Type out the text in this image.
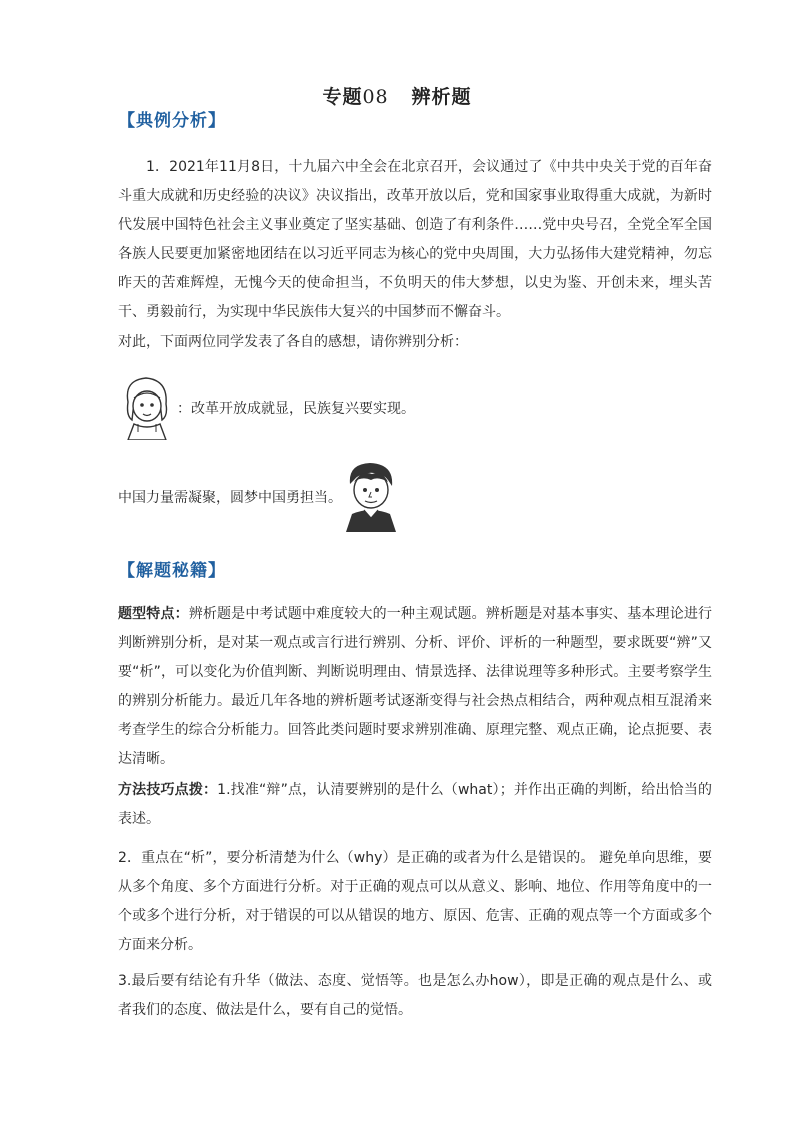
专题08 辨析题
【典例分析】
1．2021年11月8日，十九届六中全会在北京召开，会议通过了《中共中央关于党的百年奋斗重大成就和历史经验的决议》决议指出，改革开放以后，党和国家事业取得重大成就，为新时代发展中国特色社会主义事业奠定了坚实基础、创造了有利条件……党中央号召，全党全军全国各族人民要更加紧密地团结在以习近平同志为核心的党中央周围，大力弘扬伟大建党精神，勿忘昨天的苦难辉煌，无愧今天的使命担当，不负明天的伟大梦想，以史为鉴、开创未来，埋头苦干、勇毅前行，为实现中华民族伟大复兴的中国梦而不懈奋斗。
对此，下面两位同学发表了各自的感想，请你辨别分析：
：改革开放成就显，民族复兴要实现。
中国力量需凝聚，圆梦中国勇担当。
【解题秘籍】
题型特点：辨析题是中考试题中难度较大的一种主观试题。辨析题是对基本事实、基本理论进行判断辨别分析，是对某一观点或言行进行辨别、分析、评价、评析的一种题型，要求既要“辨”又要“析”，可以变化为价值判断、判断说明理由、情景选择、法律说理等多种形式。主要考察学生的辨别分析能力。最近几年各地的辨析题考试逐渐变得与社会热点相结合，两种观点相互混淆来考查学生的综合分析能力。回答此类问题时要求辨别准确、原理完整、观点正确，论点扼要、表达清晰。
方法技巧点拨：1.找准“辩”点，认清要辨别的是什么（what）；并作出正确的判断，给出恰当的表述。
2．重点在“析”，要分析清楚为什么（why）是正确的或者为什么是错误的。 避免单向思维，要从多个角度、多个方面进行分析。对于正确的观点可以从意义、影响、地位、作用等角度中的一个或多个进行分析，对于错误的可以从错误的地方、原因、危害、正确的观点等一个方面或多个方面来分析。
3.最后要有结论有升华（做法、态度、觉悟等。也是怎么办how），即是正确的观点是什么、或者我们的态度、做法是什么，要有自己的觉悟。
